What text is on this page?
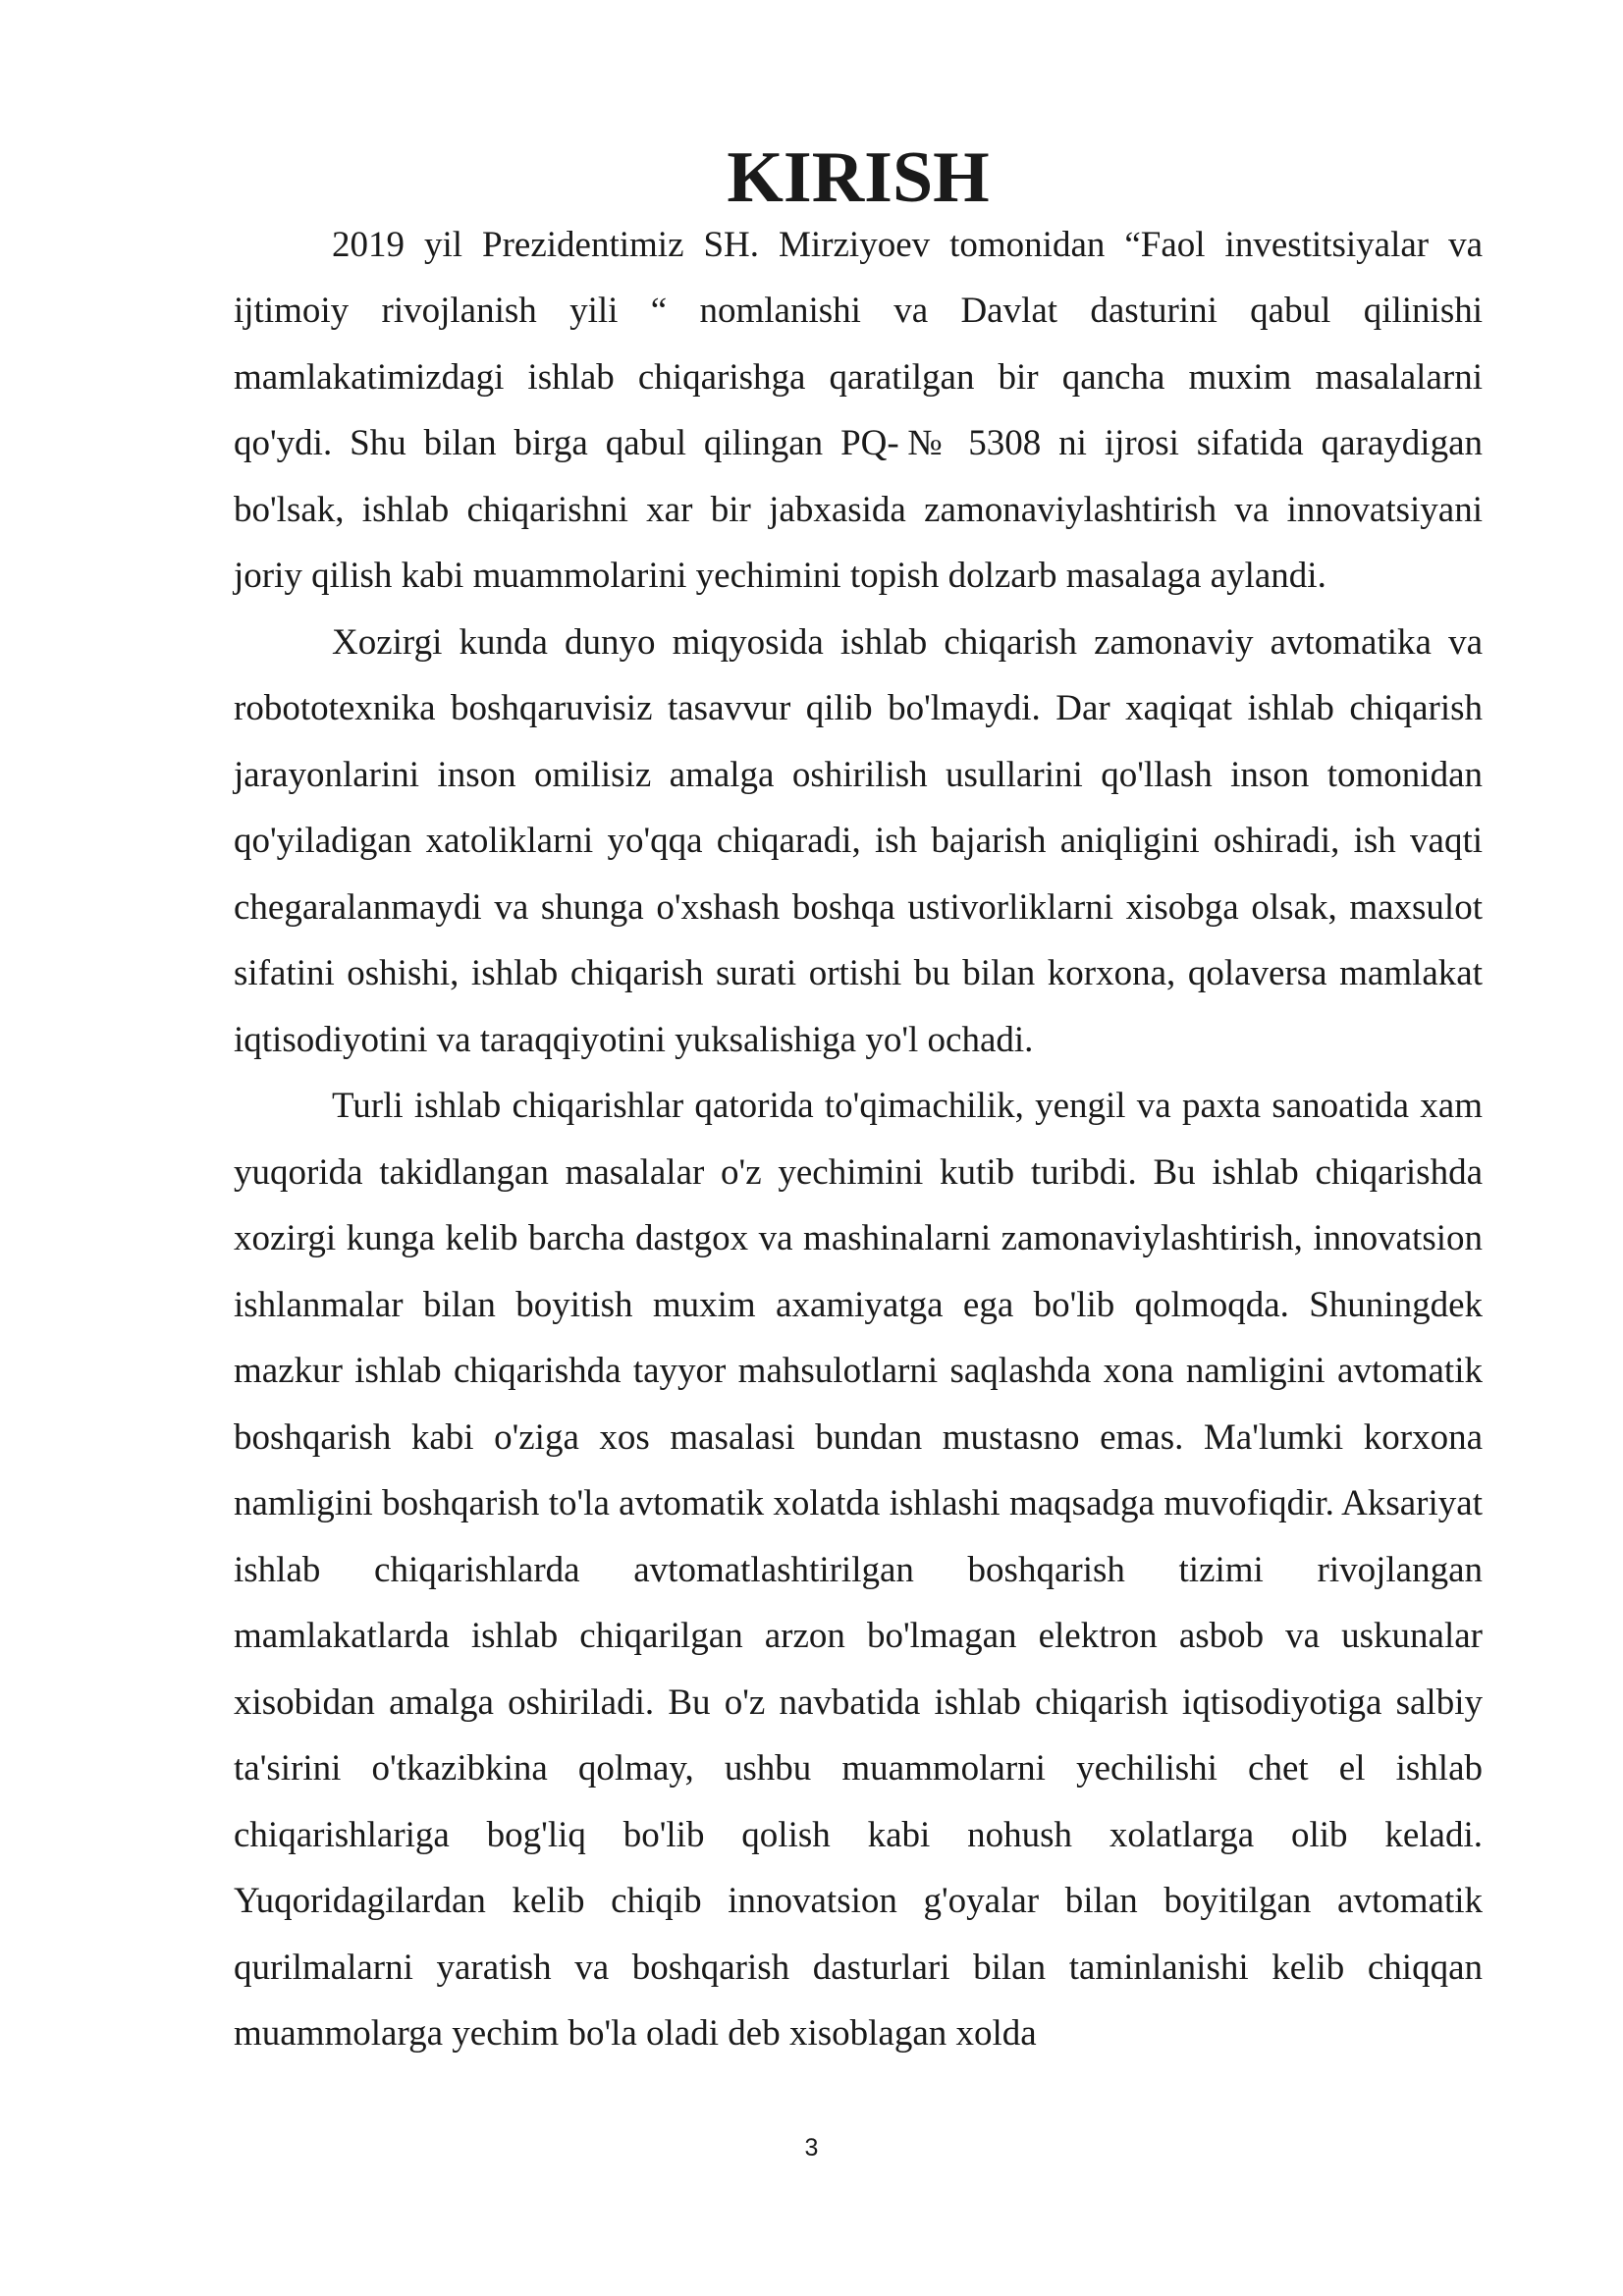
KIRISH

2019 yil Prezidentimiz SH. Mirziyoev tomonidan “Faol investitsiyalar va ijtimoiy rivojlanish yili “ nomlanishi va Davlat dasturini qabul qilinishi mamlakatimizdagi ishlab chiqarishga qaratilgan bir qancha muxim masalalarni qo'ydi. Shu bilan birga qabul qilingan PQ-№ 5308 ni ijrosi sifatida qaraydigan bo'lsak, ishlab chiqarishni xar bir jabxasida zamonaviylashtirish va innovatsiyani joriy qilish kabi muammolarini yechimini topish dolzarb masalaga aylandi.

Xozirgi kunda dunyo miqyosida ishlab chiqarish zamonaviy avtomatika va robototexnika boshqaruvisiz tasavvur qilib bo'lmaydi. Dar xaqiqat ishlab chiqarish jarayonlarini inson omilisiz amalga oshirilish usullarini qo'llash inson tomonidan qo'yiladigan xatoliklarni yo'qqa chiqaradi, ish bajarish aniqligini oshiradi, ish vaqti chegaralanmaydi va shunga o'xshash boshqa ustivorliklarni xisobga olsak, maxsulot sifatini oshishi, ishlab chiqarish surati ortishi bu bilan korxona, qolaversa mamlakat iqtisodiyotini va taraqqiyotini yuksalishiga yo'l ochadi.

Turli ishlab chiqarishlar qatorida to'qimachilik, yengil va paxta sanoatida xam yuqorida takidlangan masalalar o'z yechimini kutib turibdi. Bu ishlab chiqarishda xozirgi kunga kelib barcha dastgox va mashinalarni zamonaviylashtirish, innovatsion ishlanmalar bilan boyitish muxim axamiyatga ega bo'lib qolmoqda. Shuningdek mazkur ishlab chiqarishda tayyor mahsulotlarni saqlashda xona namligini avtomatik boshqarish kabi o'ziga xos masalasi bundan mustasno emas. Ma'lumki korxona namligini boshqarish to'la avtomatik xolatda ishlashi maqsadga muvofiqdir. Aksariyat ishlab chiqarishlarda avtomatlashtirilgan boshqarish tizimi rivojlangan mamlakatlarda ishlab chiqarilgan arzon bo'lmagan elektron asbob va uskunalar xisobidan amalga oshiriladi. Bu o'z navbatida ishlab chiqarish iqtisodiyotiga salbiy ta'sirini o'tkazibkina qolmay, ushbu muammolarni yechilishi chet el ishlab chiqarishlariga bog'liq bo'lib qolish kabi nohush xolatlarga olib keladi. Yuqoridagilardan kelib chiqib innovatsion g'oyalar bilan boyitilgan avtomatik qurilmalarni yaratish va boshqarish dasturlari bilan taminlanishi kelib chiqqan muammolarga yechim bo'la oladi deb xisoblagan xolda

3
